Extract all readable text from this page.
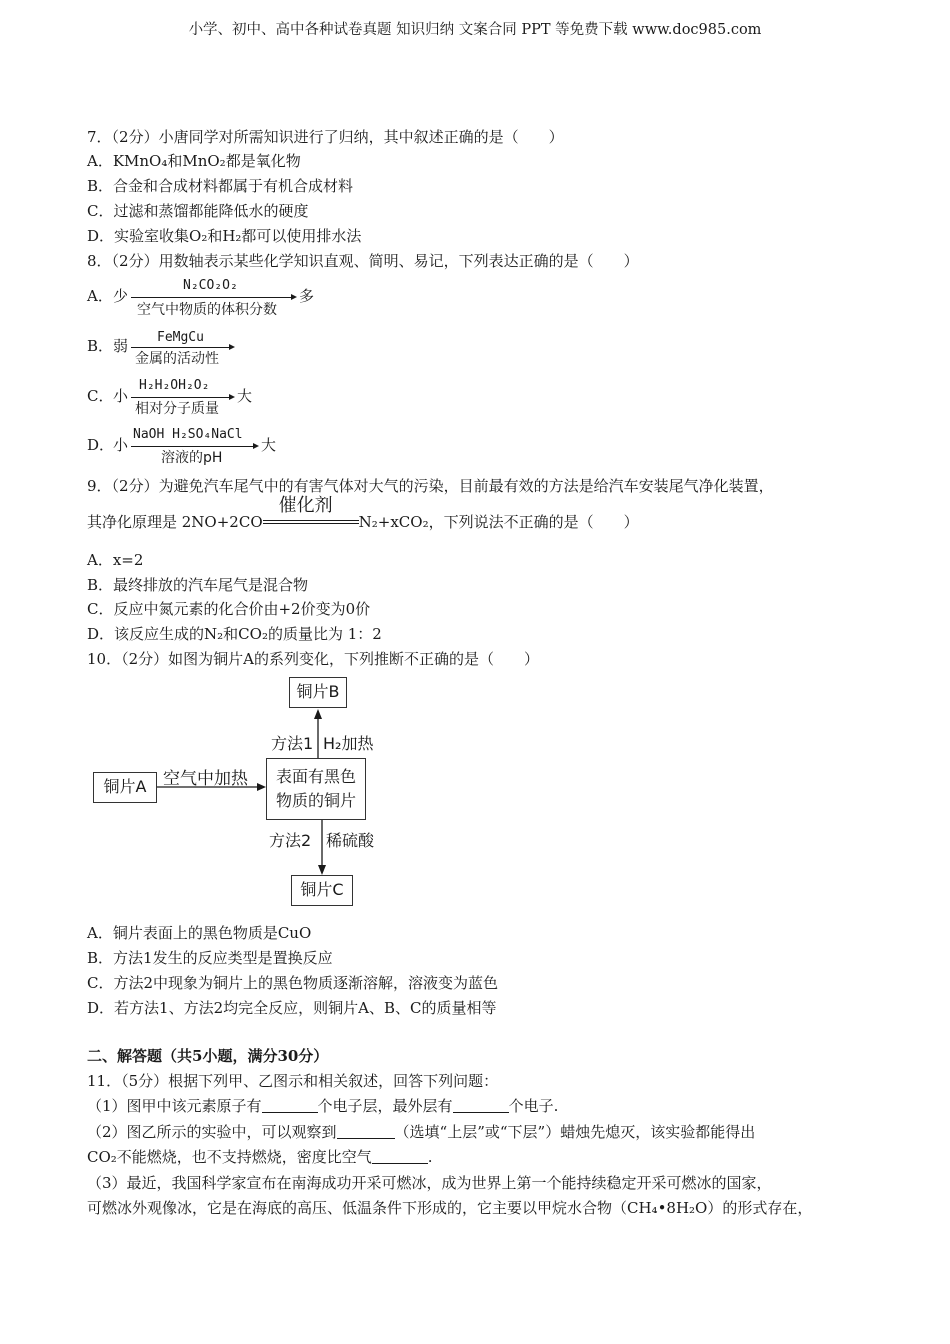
小学、初中、高中各种试卷真题 知识归纳 文案合同 PPT 等免费下载 www.doc985.com
7．（2分）小唐同学对所需知识进行了归纳，其中叙述正确的是（　　）
A．KMnO₄和MnO₂都是氧化物
B．合金和合成材料都属于有机合成材料
C．过滤和蒸馏都能降低水的硬度
D．实验室收集O₂和H₂都可以使用排水法
8．（2分）用数轴表示某些化学知识直观、简明、易记，下列表达正确的是（　　）
A． 少
N₂CO₂O₂
多
空气中物质的体积分数
B． 弱 FeMgCu
金属的活动性
C． 小
H₂H₂OH₂O₂
大
相对分子质量
D．
小
NaOH H₂SO₄NaCl
大
溶液的pH
9．（2分）为避免汽车尾气中的有害气体对大气的污染，目前最有效的方法是给汽车安装尾气净化装置，
其净化原理是 2NO+2CO
催化剂
N₂+xCO₂，下列说法不正确的是（　　）
A．x=2
B．最终排放的汽车尾气是混合物
C．反应中氮元素的化合价由+2价变为0价
D．该反应生成的N₂和CO₂的质量比为 1：2
10．（2分）如图为铜片A的系列变化，下列推断不正确的是（　　）
铜片B
铜片A
表面有黑色
物质的铜片
铜片C
空气中加热
方法1 H₂加热
方法2 稀硫酸
A．铜片表面上的黑色物质是CuO
B．方法1发生的反应类型是置换反应
C．方法2中现象为铜片上的黑色物质逐渐溶解，溶液变为蓝色
D．若方法1、方法2均完全反应，则铜片A、B、C的质量相等
二、解答题（共5小题，满分30分）
11．（5分）根据下列甲、乙图示和相关叙述，回答下列问题：
（1）图甲中该元素原子有	个电子层，最外层有	个电子.
（2）图乙所示的实验中，可以观察到	（选填“上层”或“下层”）蜡烛先熄灭，该实验都能得出
CO₂不能燃烧，也不支持燃烧，密度比空气	.
（3）最近，我国科学家宣布在南海成功开采可燃冰，成为世界上第一个能持续稳定开采可燃冰的国家，
可燃冰外观像冰，它是在海底的高压、低温条件下形成的，它主要以甲烷水合物（CH₄•8H₂O）的形式存在，
